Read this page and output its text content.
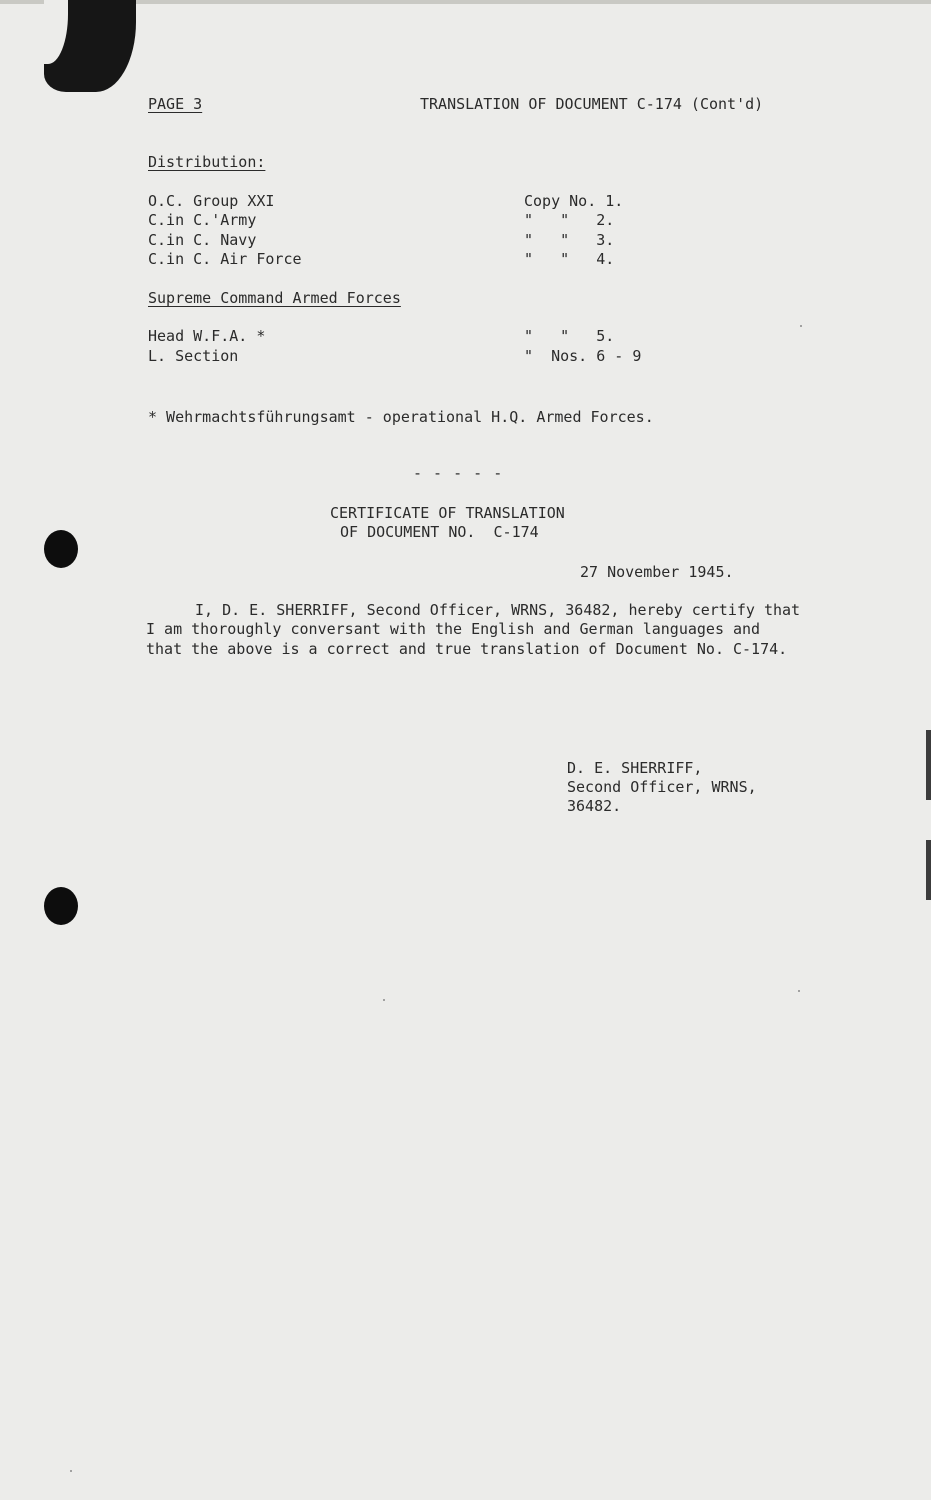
PAGE 3	TRANSLATION OF DOCUMENT C-174 (Cont'd)
Distribution:
O.C. Group XXI	Copy No. 1.
C.in C.'Army	"   "   2.
C.in C. Navy	"   "   3.
C.in C. Air Force	"   "   4.
Supreme Command Armed Forces
Head W.F.A. *	"   "   5.
L. Section	"  Nos. 6 - 9
* Wehrmachtsführungsamt - operational H.Q. Armed Forces.
- - - - -
CERTIFICATE OF TRANSLATION
OF DOCUMENT NO.  C-174
27 November 1945.
I, D. E. SHERRIFF, Second Officer, WRNS, 36482, hereby certify that
I am thoroughly conversant with the English and German languages and
that the above is a correct and true translation of Document No. C-174.
D. E. SHERRIFF,
Second Officer, WRNS,
36482.
